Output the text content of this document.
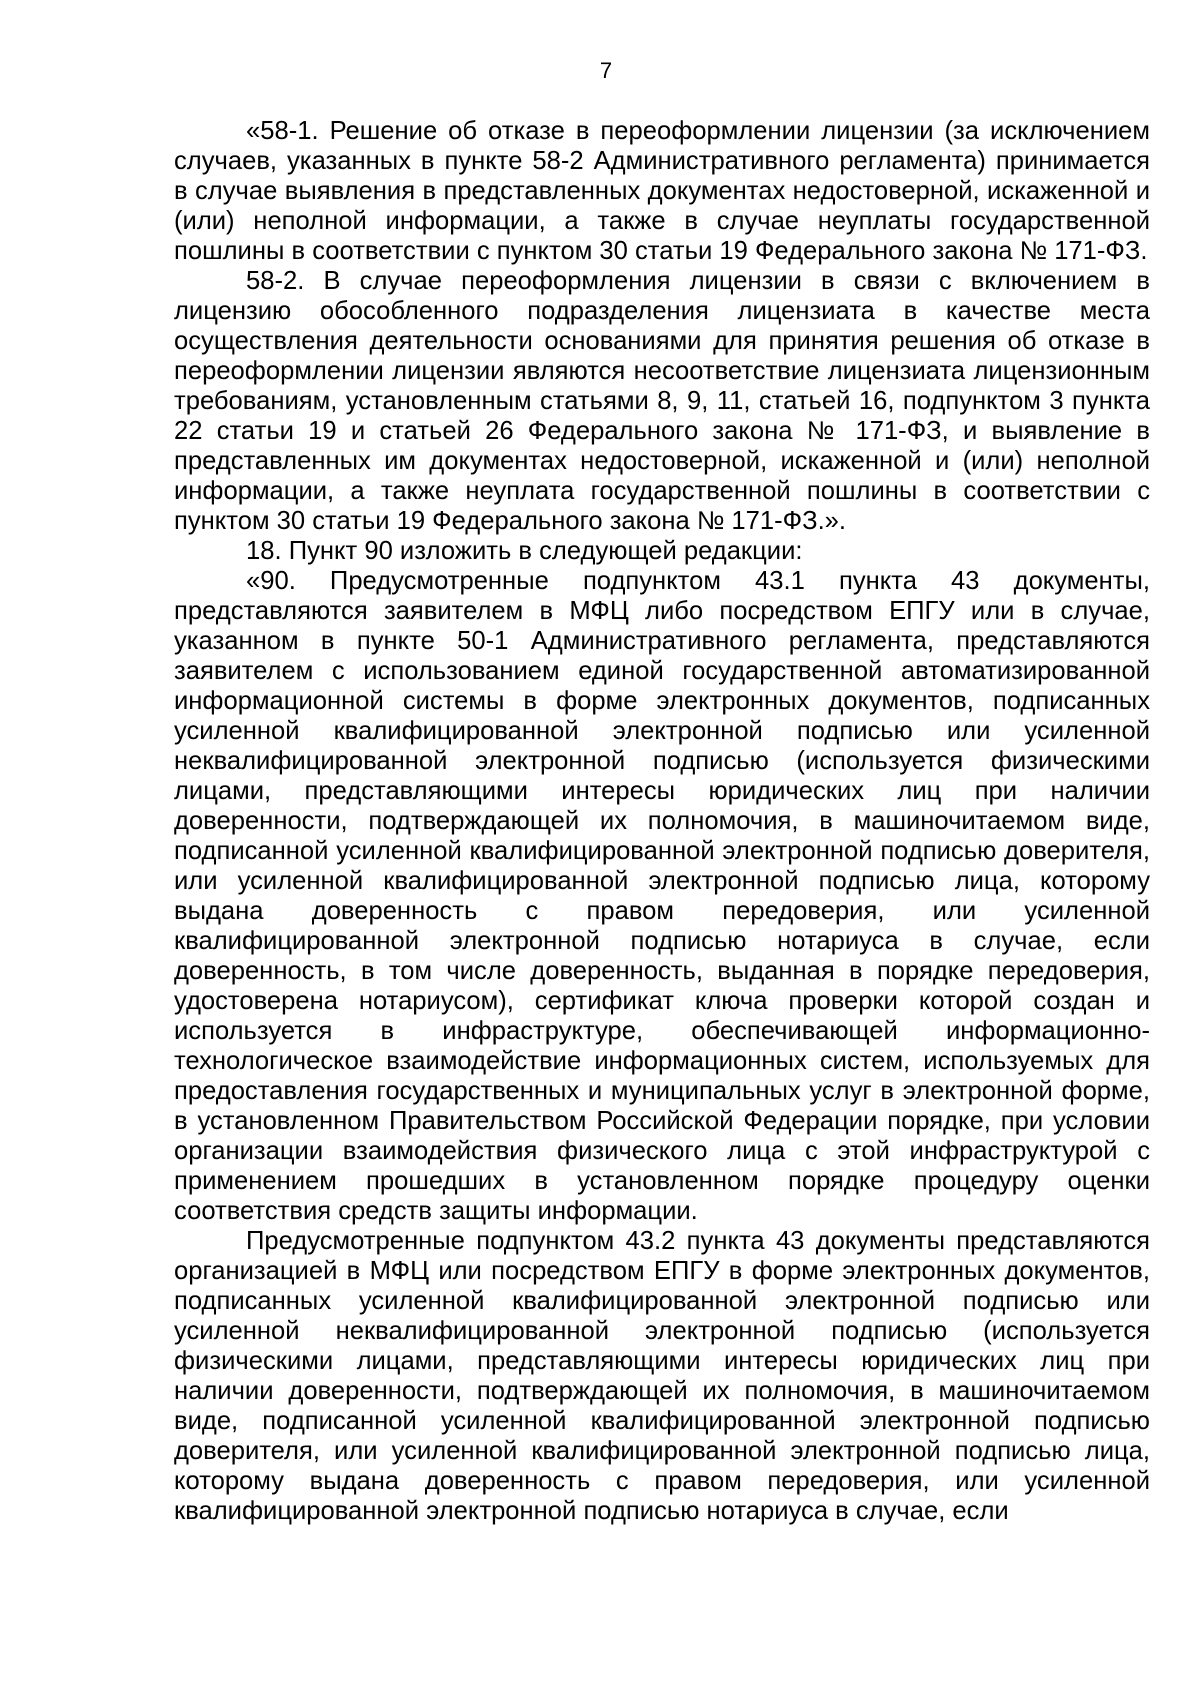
7

«58-1. Решение об отказе в переоформлении лицензии (за исключением случаев, указанных в пункте 58-2 Административного регламента) принимается в случае выявления в представленных документах недостоверной, искаженной и (или) неполной информации, а также в случае неуплаты государственной пошлины в соответствии с пунктом 30 статьи 19 Федерального закона № 171-ФЗ.

58-2. В случае переоформления лицензии в связи с включением в лицензию обособленного подразделения лицензиата в качестве места осуществления деятельности основаниями для принятия решения об отказе в переоформлении лицензии являются несоответствие лицензиата лицензионным требованиям, установленным статьями 8, 9, 11, статьей 16, подпунктом 3 пункта 22 статьи 19 и статьей 26 Федерального закона № 171-ФЗ, и выявление в представленных им документах недостоверной, искаженной и (или) неполной информации, а также неуплата государственной пошлины в соответствии с пунктом 30 статьи 19 Федерального закона № 171-ФЗ.».

18. Пункт 90 изложить в следующей редакции:

«90. Предусмотренные подпунктом 43.1 пункта 43 документы, представляются заявителем в МФЦ либо посредством ЕПГУ или в случае, указанном в пункте 50-1 Административного регламента, представляются заявителем с использованием единой государственной автоматизированной информационной системы в форме электронных документов, подписанных усиленной квалифицированной электронной подписью или усиленной неквалифицированной электронной подписью (используется физическими лицами, представляющими интересы юридических лиц при наличии доверенности, подтверждающей их полномочия, в машиночитаемом виде, подписанной усиленной квалифицированной электронной подписью доверителя, или усиленной квалифицированной электронной подписью лица, которому выдана доверенность с правом передоверия, или усиленной квалифицированной электронной подписью нотариуса в случае, если доверенность, в том числе доверенность, выданная в порядке передоверия, удостоверена нотариусом), сертификат ключа проверки которой создан и используется в инфраструктуре, обеспечивающей информационно-технологическое взаимодействие информационных систем, используемых для предоставления государственных и муниципальных услуг в электронной форме, в установленном Правительством Российской Федерации порядке, при условии организации взаимодействия физического лица с этой инфраструктурой с применением прошедших в установленном порядке процедуру оценки соответствия средств защиты информации.

Предусмотренные подпунктом 43.2 пункта 43 документы представляются организацией в МФЦ или посредством ЕПГУ в форме электронных документов, подписанных усиленной квалифицированной электронной подписью или усиленной неквалифицированной электронной подписью (используется физическими лицами, представляющими интересы юридических лиц при наличии доверенности, подтверждающей их полномочия, в машиночитаемом виде, подписанной усиленной квалифицированной электронной подписью доверителя, или усиленной квалифицированной электронной подписью лица, которому выдана доверенность с правом передоверия, или усиленной квалифицированной электронной подписью нотариуса в случае, если
